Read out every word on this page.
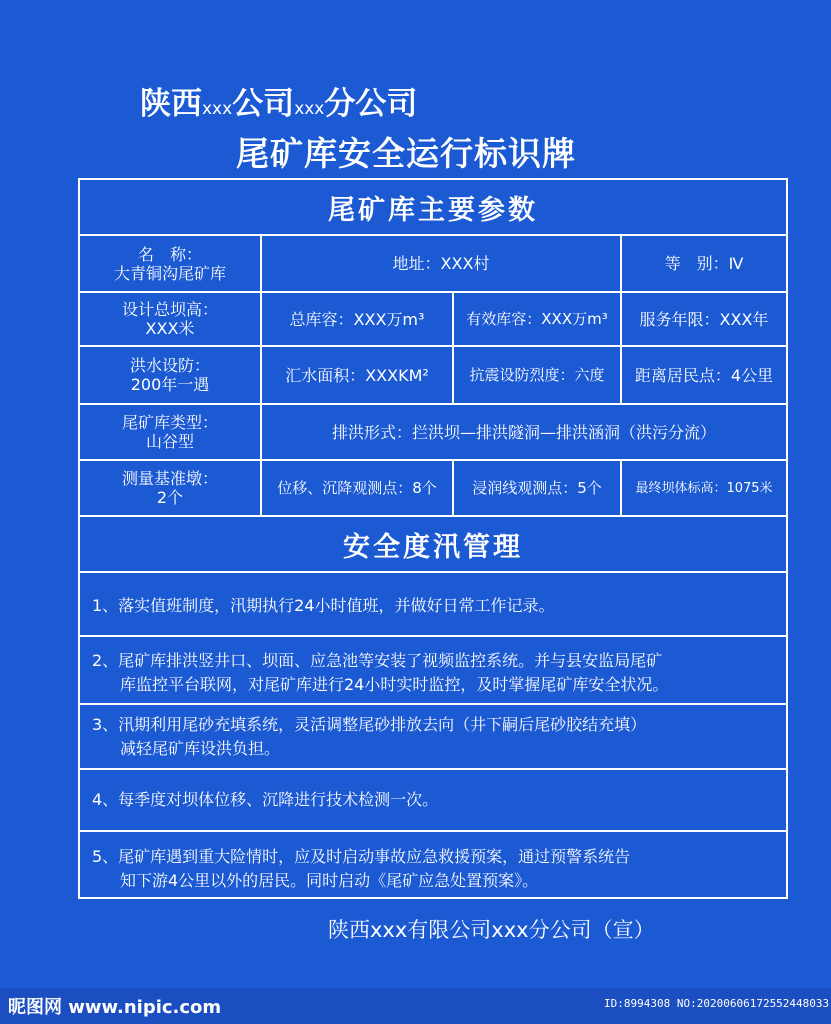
陕西xxx公司xxx分公司
尾矿库安全运行标识牌
尾矿库主要参数
名　称：
大青铜沟尾矿库	地址：XXX村	等　别：Ⅳ
设计总坝高：
XXX米	总库容：XXX万m³	有效库容：XXX万m³	服务年限：XXX年
洪水设防：
200年一遇	汇水面积：XXXKM²	抗震设防烈度：六度	距离居民点：4公里
尾矿库类型：
山谷型	排洪形式：拦洪坝—排洪隧洞—排洪涵洞（洪污分流）
测量基准墩：
2个
位移、沉降观测点：8个	浸润线观测点：5个	最终坝体标高：1075米
安全度汛管理
1、落实值班制度，汛期执行24小时值班，并做好日常工作记录。
2、尾矿库排洪竖井口、坝面、应急池等安装了视频监控系统。并与县安监局尾矿
库监控平台联网，对尾矿库进行24小时实时监控，及时掌握尾矿库安全状况。
3、汛期利用尾砂充填系统，灵活调整尾砂排放去向（井下嗣后尾砂胶结充填）
减轻尾矿库设洪负担。
4、每季度对坝体位移、沉降进行技术检测一次。
5、尾矿库遇到重大险情时，应及时启动事故应急救援预案，通过预警系统告
知下游4公里以外的居民。同时启动《尾矿应急处置预案》。
陕西xxx有限公司xxx分公司（宣）
昵图网 www.nipic.com	ID:8994308 NO:20200606172552448033
